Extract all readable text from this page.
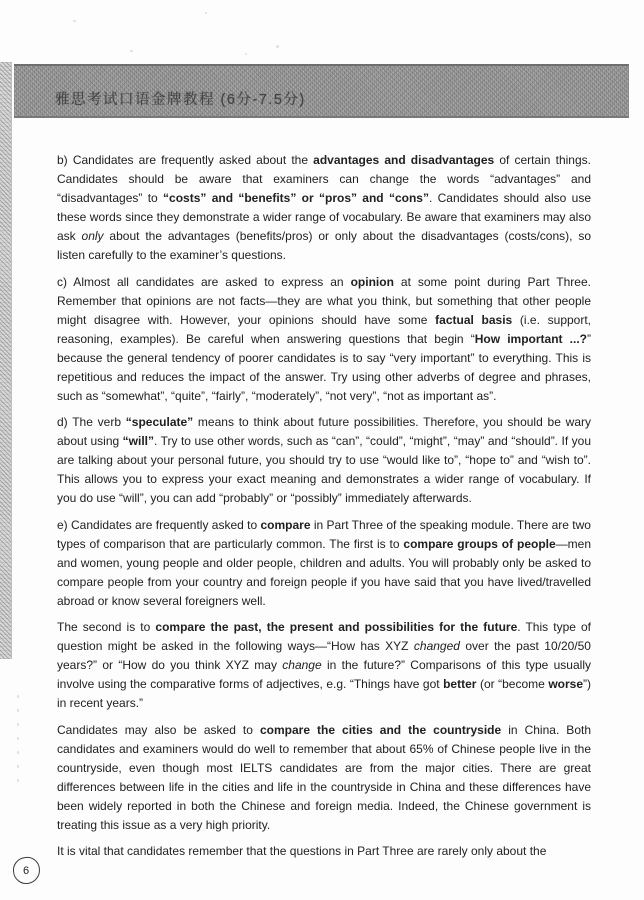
雅思考试口语金牌教程 (6分-7.5分)

b) Candidates are frequently asked about the advantages and disadvantages of certain things. Candidates should be aware that examiners can change the words “advantages” and “disadvantages” to “costs” and “benefits” or “pros” and “cons”. Candidates should also use these words since they demonstrate a wider range of vocabulary. Be aware that examiners may also ask only about the advantages (benefits/pros) or only about the disadvantages (costs/cons), so listen carefully to the examiner’s questions.

c) Almost all candidates are asked to express an opinion at some point during Part Three. Remember that opinions are not facts—they are what you think, but something that other people might disagree with. However, your opinions should have some factual basis (i.e. support, reasoning, examples). Be careful when answering questions that begin “How important ...?” because the general tendency of poorer candidates is to say “very important” to everything. This is repetitious and reduces the impact of the answer. Try using other adverbs of degree and phrases, such as “somewhat”, “quite”, “fairly”, “moderately”, “not very”, “not as important as”.

d) The verb “speculate” means to think about future possibilities. Therefore, you should be wary about using “will”. Try to use other words, such as “can”, “could”, “might”, “may” and “should”. If you are talking about your personal future, you should try to use “would like to”, “hope to” and “wish to”. This allows you to express your exact meaning and demonstrates a wider range of vocabulary. If you do use “will”, you can add “probably” or “possibly” immediately afterwards.

e) Candidates are frequently asked to compare in Part Three of the speaking module. There are two types of comparison that are particularly common. The first is to compare groups of people—men and women, young people and older people, children and adults. You will probably only be asked to compare people from your country and foreign people if you have said that you have lived/travelled abroad or know several foreigners well.

The second is to compare the past, the present and possibilities for the future. This type of question might be asked in the following ways—“How has XYZ changed over the past 10/20/50 years?” or “How do you think XYZ may change in the future?” Comparisons of this type usually involve using the comparative forms of adjectives, e.g. “Things have got better (or “become worse”) in recent years.”

Candidates may also be asked to compare the cities and the countryside in China. Both candidates and examiners would do well to remember that about 65% of Chinese people live in the countryside, even though most IELTS candidates are from the major cities. There are great differences between life in the cities and life in the countryside in China and these differences have been widely reported in both the Chinese and foreign media. Indeed, the Chinese government is treating this issue as a very high priority.

It is vital that candidates remember that the questions in Part Three are rarely only about the

6
